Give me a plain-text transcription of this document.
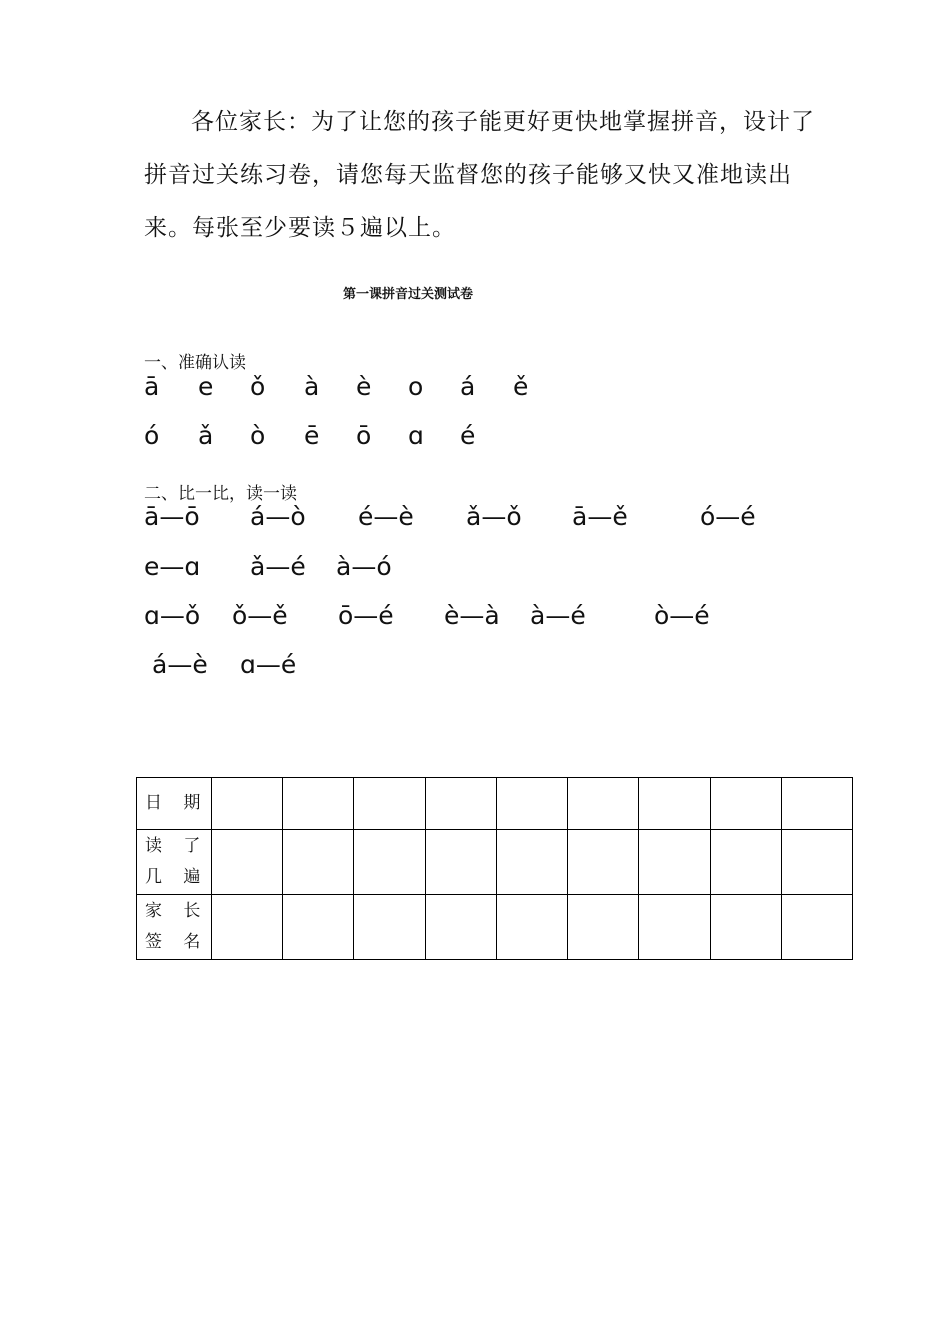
各位家长：为了让您的孩子能更好更快地掌握拼音，设计了
拼音过关练习卷，请您每天监督您的孩子能够又快又准地读出
来。每张至少要读５遍以上。
第一课拼音过关测试卷
一、准确认读
ā e ǒ à è o á ě
ó ǎ ò ē ō ɑ é
二、比一比，读一读
ā—ō á—ò é—è ǎ—ǒ ā—ě	ó—é
e—ɑ ǎ—é à—ó
ɑ—ǒ ǒ—ě ō—é è—à à—é	ò—é
á—è ɑ—é
日 期									

读 了
几 遍									

家 长
签 名									
